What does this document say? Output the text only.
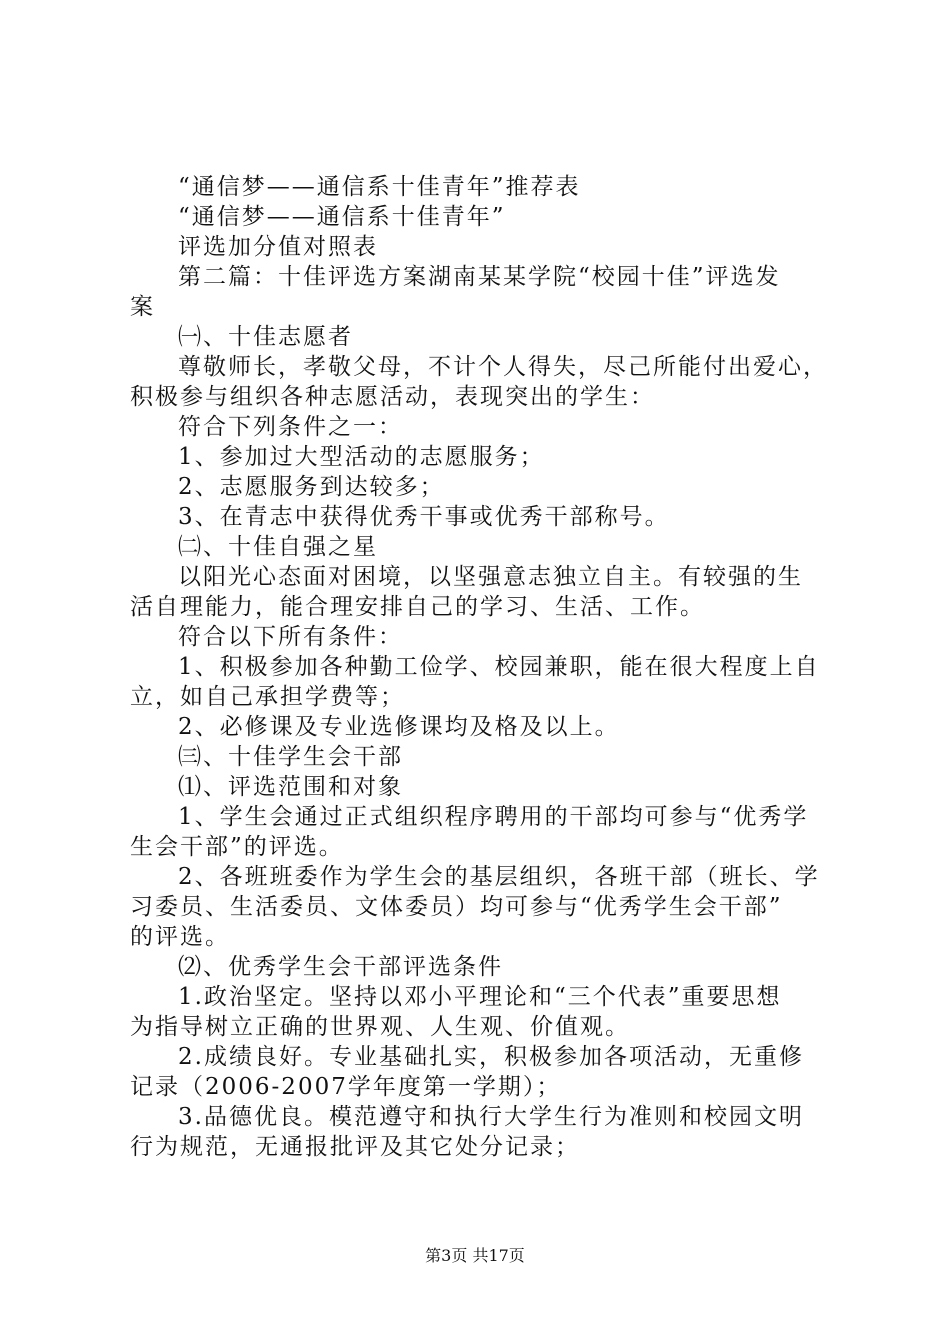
“通信梦——通信系十佳青年”推荐表

“通信梦——通信系十佳青年”

评选加分值对照表

第二篇：十佳评选方案湖南某某学院“校园十佳”评选发

案

㈠、十佳志愿者

尊敬师长，孝敬父母，不计个人得失，尽己所能付出爱心，

积极参与组织各种志愿活动，表现突出的学生：

符合下列条件之一：

1、参加过大型活动的志愿服务；

2、志愿服务到达较多；

3、在青志中获得优秀干事或优秀干部称号。

㈡、十佳自强之星

以阳光心态面对困境，以坚强意志独立自主。有较强的生

活自理能力，能合理安排自己的学习、生活、工作。

符合以下所有条件：

1、积极参加各种勤工俭学、校园兼职，能在很大程度上自

立，如自己承担学费等；

2、必修课及专业选修课均及格及以上。

㈢、十佳学生会干部

⑴、评选范围和对象

1、学生会通过正式组织程序聘用的干部均可参与“优秀学

生会干部”的评选。

2、各班班委作为学生会的基层组织，各班干部（班长、学

习委员、生活委员、文体委员）均可参与“优秀学生会干部”

的评选。

⑵、优秀学生会干部评选条件

1.政治坚定。坚持以邓小平理论和“三个代表”重要思想

为指导树立正确的世界观、人生观、价值观。

2.成绩良好。专业基础扎实，积极参加各项活动，无重修

记录（2006-2007学年度第一学期）；

3.品德优良。模范遵守和执行大学生行为准则和校园文明

行为规范，无通报批评及其它处分记录；

第3页 共17页
